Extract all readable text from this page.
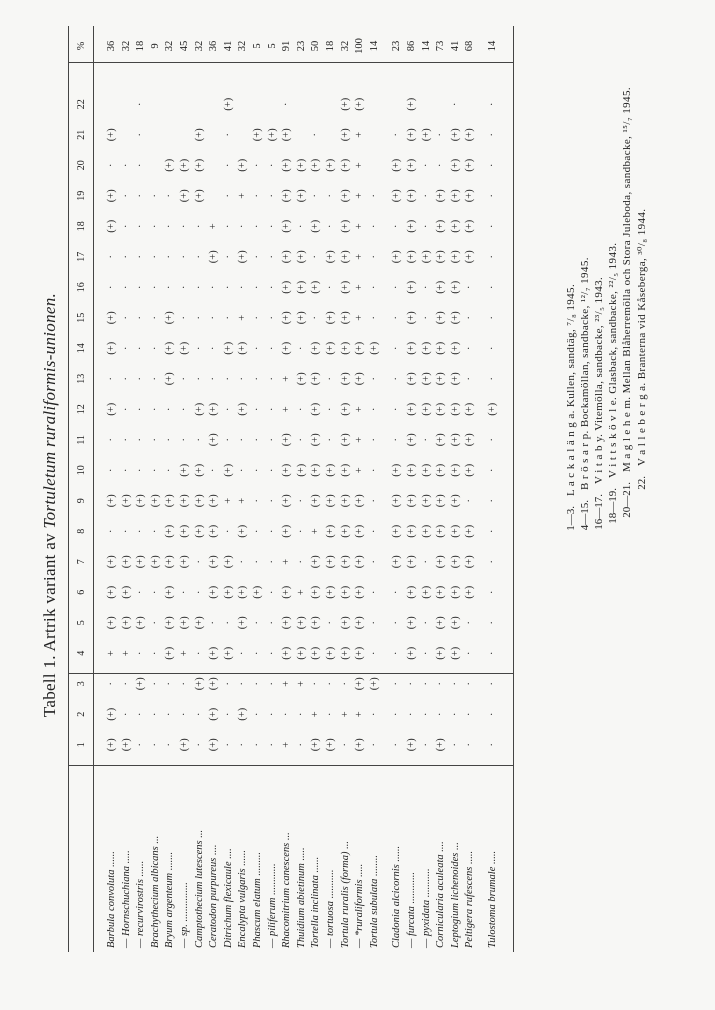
Tabell 1. Artrik variant av Tortuletum ruraliformis-unionen.
1
2
3
4
5
6
7
8
9
10
11
12
13
14
15
16
17
18
19
20
21
22
%
Barbula convoluta ......
(+)
(+)
·
+
(+)
(+)
(+)
·
(+)
·
·
(+)
·
(+)
(+)
·
·
(+)
(+)
·
(+)
36
— Hornschuchiana .....
(+)
·
·
+
(+)
(+)
(+)
·
(+)
·
·
·
·
·
·
·
·
·
·
·
32
— recurvirostris ......
·
·
(+)
·
(+)
·
(+)
·
(+)
·
·
·
·
·
·
·
·
·
·
·
·
·
18
Brachythecium albicans ...
·
·
·
·
·
·
(+)
·
(+)
·
·
·
·
·
·
·
·
·
·
9
Bryum argenteum .......
·
·
·
(+)
(+)
(+)
(+)
(+)
(+)
·
·
·
(+)
(+)
(+)
·
·
·
·
(+)
32
— sp. ...............
(+)
·
·
+
(+)
·
(+)
(+)
(+)
(+)
·
·
·
(+)
·
·
·
·
(+)
(+)
45
Camptothecium lutescens ...
·
·
(+)
·
(+)
·
·
(+)
(+)
(+)
·
(+)
·
·
·
·
·
·
(+)
(+)
(+)
32
Ceratodon purpureus ....
(+)
(+)
(+)
(+)
·
(+)
(+)
(+)
(+)
·
(+)
(+)
·
·
·
·
(+)
+
36
Ditrichum flexicaule ....
·
·
·
(+)
·
(+)
(+)
·
+
(+)
·
·
·
(+)
·
·
·
·
·
·
·
(+)
41
Encalypta vulgaris ......
·
(+)
·
·
(+)
(+)
·
(+)
+
·
·
(+)
·
(+)
+
·
(+)
·
+
(+)
32
Phascum elatum .........
·
·
·
·
·
(+)
·
·
·
·
·
·
·
·
·
·
·
·
·
·
(+)
5
— piliferum ............
·
·
·
·
·
·
·
·
·
·
·
·
·
·
·
·
·
·
·
·
(+)
5
Rhacomitrium canescens ...
+
·
+
(+)
(+)
(+)
+
(+)
(+)
(+)
(+)
+
+
(+)
(+)
(+)
(+)
(+)
(+)
(+)
(+)
·
91
Thuidium abietinum .....
·
·
+
(+)
(+)
+
·
·
·
(+)
·
·
(+)
·
(+)
(+)
(+)
·
(+)
(+)
23
Tortella inclinata ......
(+)
+
·
(+)
(+)
(+)
(+)
+
(+)
(+)
(+)
(+)
(+)
(+)
·
(+)
·
(+)
·
(+)
·
50
— tortuosa ...........
(+)
·
·
(+)
·
(+)
(+)
(+)
(+)
(+)
·
·
·
(+)
(+)
·
(+)
·
·
(+)
18
Tortula ruralis (forma) ...
·
+
·
(+)
(+)
(+)
(+)
(+)
(+)
(+)
(+)
(+)
(+)
(+)
(+)
(+)
(+)
(+)
(+)
(+)
(+)
(+)
32
— *ruraliformis .....
(+)
+
(+)
(+)
(+)
(+)
(+)
(+)
(+)
+
+
+
(+)
(+)
+
+
+
+
+
+
+
(+)
100
Tortula subulata ........
·
·
(+)
·
·
·
·
·
·
·
·
·
·
(+)
·
·
·
·
·
14
Cladonia alcicornis ......
·
·
·
·
·
·
(+)
(+)
(+)
(+)
·
·
·
·
·
·
(+)
·
(+)
(+)
·
23
— furcata ............
(+)
·
·
(+)
(+)
(+)
(+)
(+)
(+)
(+)
(+)
(+)
(+)
(+)
(+)
(+)
(+)
(+)
(+)
(+)
(+)
(+)
86
— pyxidata ...........
·
·
·
·
·
(+)
·
(+)
(+)
(+)
·
(+)
(+)
(+)
·
·
(+)
·
·
·
(+)
14
Cornicularia aculeata ....
(+)
·
·
(+)
(+)
(+)
(+)
(+)
(+)
(+)
(+)
(+)
(+)
(+)
(+)
(+)
(+)
(+)
(+)
·
·
73
Leptogium lichenoides ...
·
·
·
(+)
(+)
(+)
(+)
(+)
(+)
(+)
(+)
(+)
(+)
(+)
(+)
(+)
(+)
(+)
(+)
(+)
(+)
·
41
Peltigera rufescens .....
·
·
·
·
·
(+)
(+)
(+)
·
(+)
(+)
(+)
·
·
·
·
(+)
(+)
(+)
(+)
(+)
68
Tulostoma brumale .....
·
·
·
·
·
·
·
·
·
·
·
(+)
·
·
·
·
·
·
·
·
·
·
14
1—3.L a c k a l ä n g a. Kullen, sandtäg, ⁷/₈ 1945.
4—15.B r ö s a r p. Bockamöllan, sandbacke, ¹²/₇ 1945.
16—17.V i t a b y. Vitemölla, sandbacke, ²³/₅ 1943.
18—19.V i t t s k ö v l e. Glasback, sandbacke, ²²/₅ 1943.
20—21.M a g l e h e m. Mellan Blåherremölla och Stora Juleboda, sandbacke, ¹⁵/₇ 1945.
22.V a l l e b e r g a. Branterna vid Kåseberga, ³⁰/₈ 1944.
